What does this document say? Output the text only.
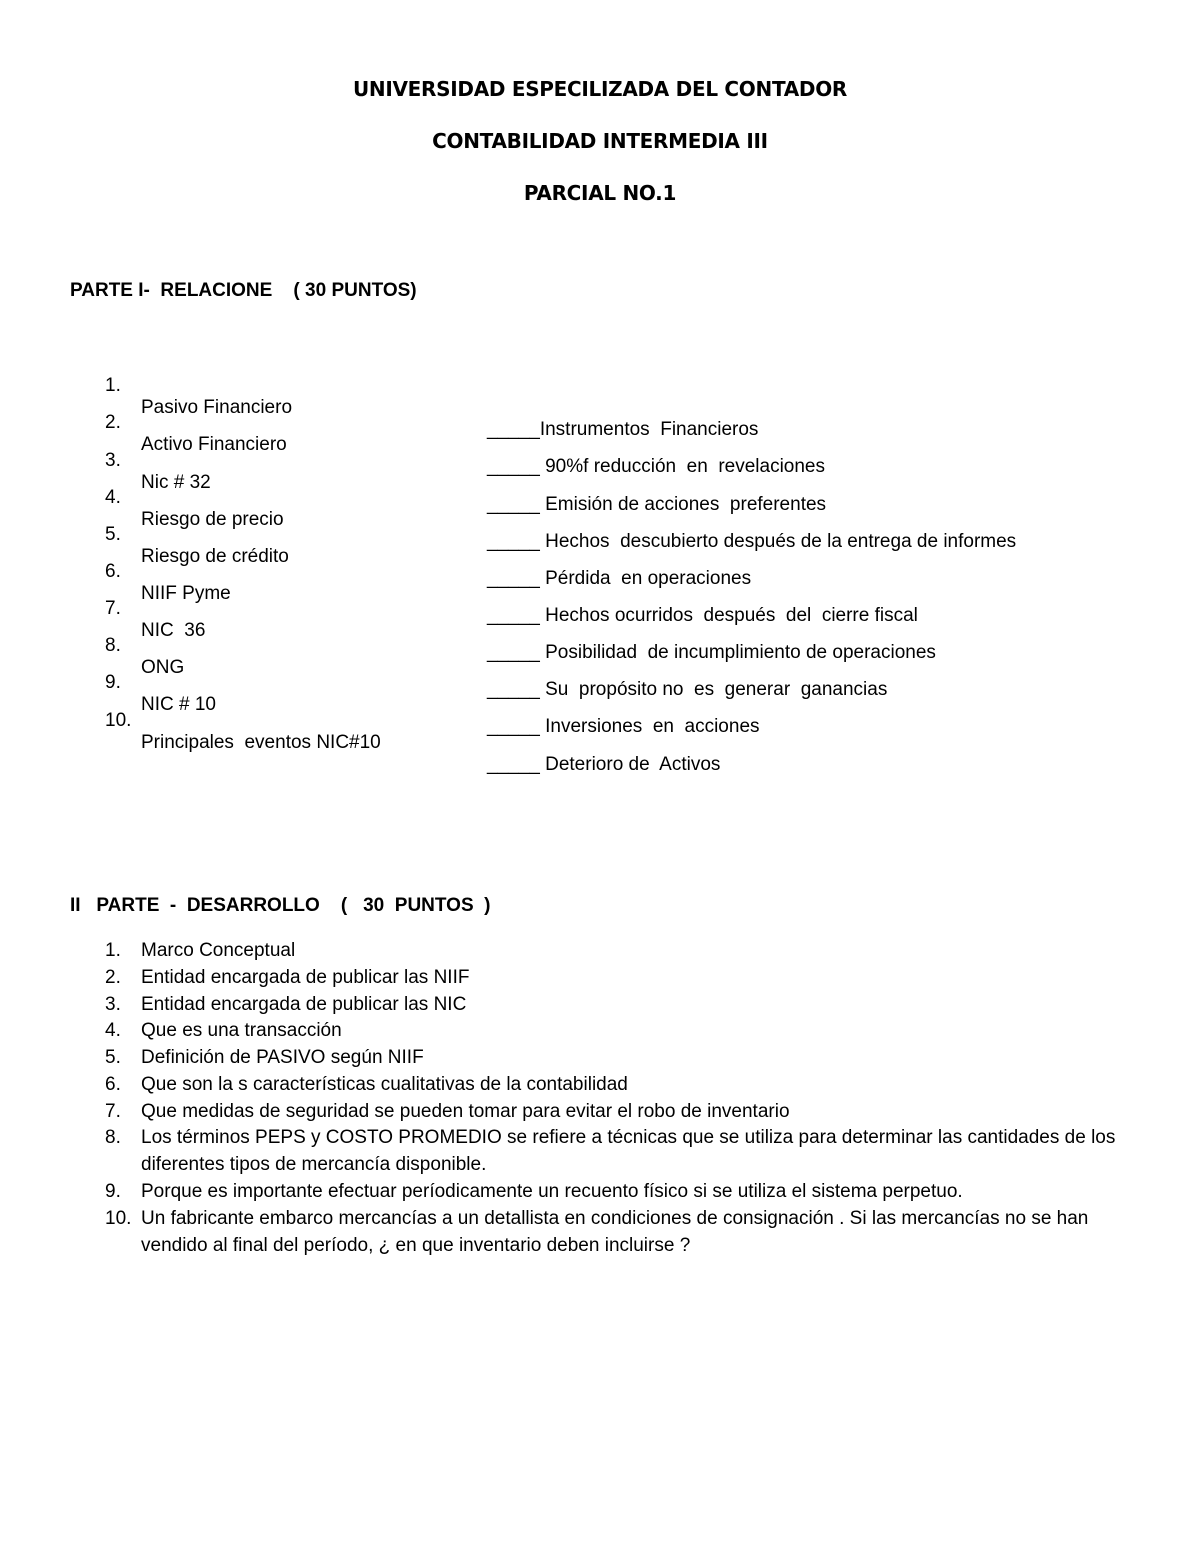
UNIVERSIDAD ESPECILIZADA DEL CONTADOR
CONTABILIDAD INTERMEDIA III
PARCIAL NO.1
PARTE I-  RELACIONE    ( 30 PUNTOS)

1.

Pasivo Financiero

_____Instrumentos  Financieros

2.

Activo Financiero

_____ 90%f reducción  en  revelaciones

3.

Nic # 32

_____ Emisión de acciones  preferentes

4.

Riesgo de precio

_____ Hechos  descubierto después de la entrega de informes

5.

Riesgo de crédito

_____ Pérdida  en operaciones

6.

NIIF Pyme

_____ Hechos ocurridos  después  del  cierre fiscal

7.

NIC  36

_____ Posibilidad  de incumplimiento de operaciones

8.

ONG

_____ Su  propósito no  es  generar  ganancias

9.

NIC # 10

_____ Inversiones  en  acciones

10.

Principales  eventos NIC#10

_____ Deterioro de  Activos

II   PARTE  -  DESARROLLO    (   30  PUNTOS  )
1. Marco Conceptual
2. Entidad encargada de publicar las NIIF
3. Entidad encargada de publicar las NIC
4. Que es una transacción
5. Definición de PASIVO según NIIF
6. Que son la s características cualitativas de la contabilidad
7. Que medidas de seguridad se pueden tomar para evitar el robo de inventario
8. Los términos PEPS y COSTO PROMEDIO se refiere a técnicas que se utiliza para determinar las cantidades de los diferentes tipos de mercancía disponible.
9. Porque es importante efectuar períodicamente un recuento físico si se utiliza el sistema perpetuo.
10. Un fabricante embarco mercancías a un detallista en condiciones de consignación . Si las mercancías no se han vendido al final del período, ¿ en que inventario deben incluirse ?
